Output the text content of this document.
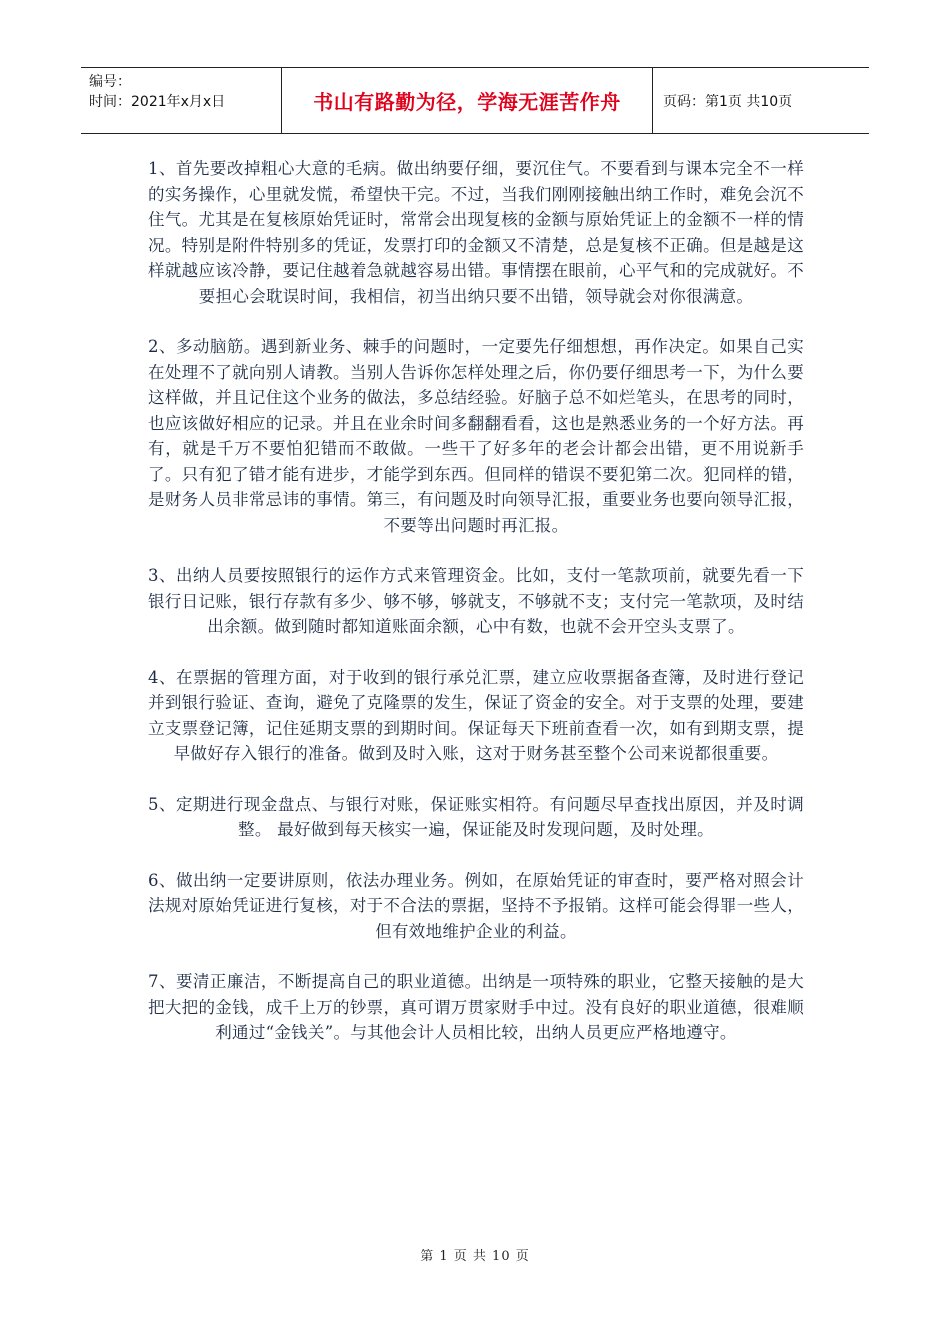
编号：
时间：2021年x月x日	书山有路勤为径，学海无涯苦作舟	页码：第1页 共10页

1、首先要改掉粗心大意的毛病。做出纳要仔细，要沉住气。不要看到与课本完全不一样的实务操作，心里就发慌，希望快干完。不过，当我们刚刚接触出纳工作时，难免会沉不住气。尤其是在复核原始凭证时，常常会出现复核的金额与原始凭证上的金额不一样的情况。特别是附件特别多的凭证，发票打印的金额又不清楚，总是复核不正确。但是越是这样就越应该冷静，要记住越着急就越容易出错。事情摆在眼前，心平气和的完成就好。不要担心会耽误时间，我相信，初当出纳只要不出错，领导就会对你很满意。

2、多动脑筋。遇到新业务、棘手的问题时，一定要先仔细想想，再作决定。如果自己实在处理不了就向别人请教。当别人告诉你怎样处理之后，你仍要仔细思考一下，为什么要这样做，并且记住这个业务的做法，多总结经验。好脑子总不如烂笔头，在思考的同时，也应该做好相应的记录。并且在业余时间多翻翻看看，这也是熟悉业务的一个好方法。再有，就是千万不要怕犯错而不敢做。一些干了好多年的老会计都会出错，更不用说新手了。只有犯了错才能有进步，才能学到东西。但同样的错误不要犯第二次。犯同样的错，是财务人员非常忌讳的事情。第三，有问题及时向领导汇报，重要业务也要向领导汇报，不要等出问题时再汇报。

3、出纳人员要按照银行的运作方式来管理资金。比如，支付一笔款项前，就要先看一下银行日记账，银行存款有多少、够不够，够就支，不够就不支；支付完一笔款项，及时结出余额。做到随时都知道账面余额，心中有数，也就不会开空头支票了。

4、在票据的管理方面，对于收到的银行承兑汇票，建立应收票据备查簿，及时进行登记并到银行验证、查询，避免了克隆票的发生，保证了资金的安全。对于支票的处理，要建立支票登记簿，记住延期支票的到期时间。保证每天下班前查看一次，如有到期支票，提早做好存入银行的准备。做到及时入账，这对于财务甚至整个公司来说都很重要。

5、定期进行现金盘点、与银行对账，保证账实相符。有问题尽早查找出原因，并及时调整。 最好做到每天核实一遍，保证能及时发现问题，及时处理。

6、做出纳一定要讲原则，依法办理业务。例如，在原始凭证的审查时，要严格对照会计法规对原始凭证进行复核，对于不合法的票据，坚持不予报销。这样可能会得罪一些人，但有效地维护企业的利益。

7、要清正廉洁，不断提高自己的职业道德。出纳是一项特殊的职业，它整天接触的是大把大把的金钱，成千上万的钞票，真可谓万贯家财手中过。没有良好的职业道德，很难顺利通过“金钱关”。与其他会计人员相比较，出纳人员更应严格地遵守。

第 1 页 共 10 页
